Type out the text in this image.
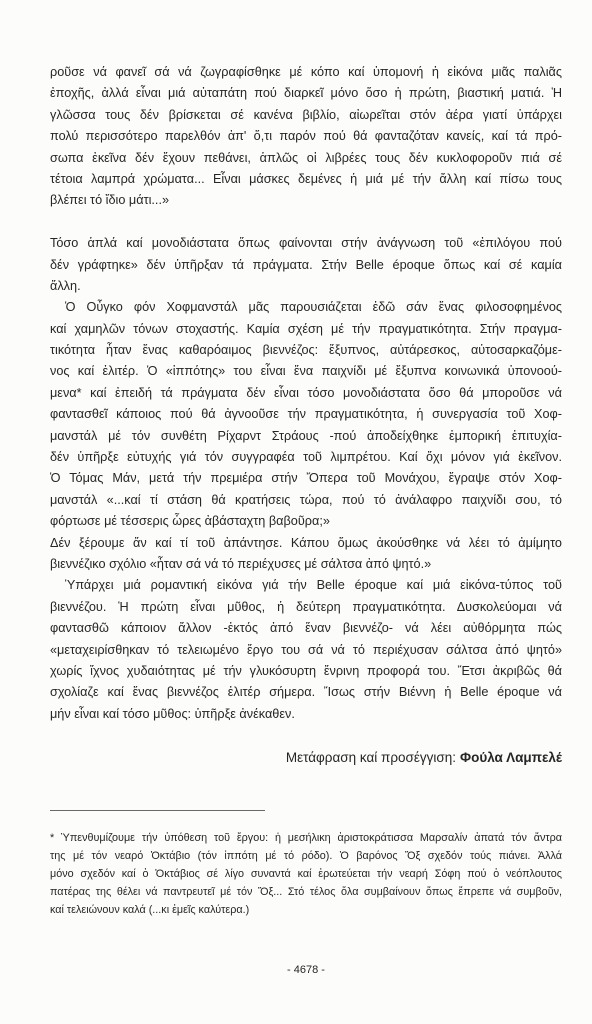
ροῦσε νά φανεῖ σά νά ζωγραφίσθηκε μέ κόπο καί ὑπομονή ἡ εἰκόνα μιᾶς παλιᾶς
ἐποχῆς, ἀλλά εἶναι μιά αὐταπάτη πού διαρκεῖ μόνο ὅσο ἡ πρώτη, βιαστική ματιά. Ἡ
γλῶσσα τους δέν βρίσκεται σέ κανένα βιβλίο, αἰωρεῖται στόν ἀέρα γιατί ὑπάρχει
πολύ περισσότερο παρελθόν ἀπ' ὅ,τι παρόν πού θά φανταζόταν κανείς, καί τά πρό-
σωπα ἐκεῖνα δέν ἔχουν πεθάνει, ἁπλῶς οἱ λιβρέες τους δέν κυκλοφοροῦν πιά σέ
τέτοια λαμπρά χρώματα... Εἶναι μάσκες δεμένες ἡ μιά μέ τήν ἄλλη καί πίσω τους
βλέπει τό ἴδιο μάτι...»
Τόσο ἁπλά καί μονοδιάστατα ὅπως φαίνονται στήν ἀνάγνωση τοῦ «ἐπιλόγου πού
δέν γράφτηκε» δέν ὑπῆρξαν τά πράγματα. Στήν Belle époque ὅπως καί σέ καμία
ἄλλη.
Ὁ Οὖγκο φόν Χοφμανστάλ μᾶς παρουσιάζεται ἐδῶ σάν ἕνας φιλοσοφημένος
καί χαμηλῶν τόνων στοχαστής. Καμία σχέση μέ τήν πραγματικότητα. Στήν πραγμα-
τικότητα ἦταν ἕνας καθαρόαιμος βιεννέζος: ἔξυπνος, αὐτάρεσκος, αὐτοσαρκαζόμε-
νος καί ἐλιτέρ. Ὁ «ἱππότης» του εἶναι ἕνα παιχνίδι μέ ἔξυπνα κοινωνικά ὑπονοού-
μενα* καί ἐπειδή τά πράγματα δέν εἶναι τόσο μονοδιάστατα ὅσο θά μποροῦσε νά
φαντασθεῖ κάποιος πού θά ἀγνοοῦσε τήν πραγματικότητα, ἡ συνεργασία τοῦ Χοφ-
μανστάλ μέ τόν συνθέτη Ρίχαρντ Στράους -πού ἀποδείχθηκε ἐμπορική ἐπιτυχία-
δέν ὑπῆρξε εὐτυχής γιά τόν συγγραφέα τοῦ λιμπρέτου. Καί ὄχι μόνον γιά ἐκεῖνον.
Ὁ Τόμας Μάν, μετά τήν πρεμιέρα στήν Ὄπερα τοῦ Μονάχου, ἔγραψε στόν Χοφ-
μανστάλ «...καί τί στάση θά κρατήσεις τώρα, πού τό ἀνάλαφρο παιχνίδι σου, τό
φόρτωσε μέ τέσσερις ὧρες ἀβάσταχτη βαβοῦρα;»
Δέν ξέρουμε ἄν καί τί τοῦ ἀπάντησε. Κάπου ὅμως ἀκούσθηκε νά λέει τό ἀμίμητο
βιεννέζικο σχόλιο «ἦταν σά νά τό περιέχυσες μέ σάλτσα ἀπό ψητό.»
Ὑπάρχει μιά ρομαντική εἰκόνα γιά τήν Belle époque καί μιά εἰκόνα-τύπος τοῦ
βιεννέζου. Ἡ πρώτη εἶναι μῦθος, ἡ δεύτερη πραγματικότητα. Δυσκολεύομαι νά
φαντασθῶ κάποιον ἄλλον -ἐκτός ἀπό ἕναν βιεννέζο- νά λέει αὐθόρμητα πώς
«μεταχειρίσθηκαν τό τελειωμένο ἔργο του σά νά τό περιέχυσαν σάλτσα ἀπό ψητό»
χωρίς ἴχνος χυδαιότητας μέ τήν γλυκόσυρτη ἔνρινη προφορά του. Ἔτσι ἀκριβῶς θά
σχολίαζε καί ἕνας βιεννέζος ἐλιτέρ σήμερα. Ἴσως στήν Βιέννη ἡ Belle époque νά
μήν εἶναι καί τόσο μῦθος: ὑπῆρξε ἀνέκαθεν.
Μετάφραση καί προσέγγιση: Φούλα Λαμπελέ
* Ὑπενθυμίζουμε τήν ὑπόθεση τοῦ ἔργου: ἡ μεσήλικη ἀριστοκράτισσα Μαρσαλίν ἀπατά τόν ἄντρα
της μέ τόν νεαρό Ὀκτάβιο (τόν ἱππότη μέ τό ρόδο). Ὁ βαρόνος Ὄξ σχεδόν τούς πιάνει. Ἀλλά
μόνο σχεδόν καί ὁ Ὀκτάβιος σέ λίγο συναντά καί ἐρωτεύεται τήν νεαρή Σόφη πού ὁ νεόπλουτος
πατέρας της θέλει νά παντρευτεῖ μέ τόν Ὄξ... Στό τέλος ὅλα συμβαίνουν ὅπως ἔπρεπε νά συμβοῦν,
καί τελειώνουν καλά (...κι ἐμεῖς καλύτερα.)
- 4678 -
